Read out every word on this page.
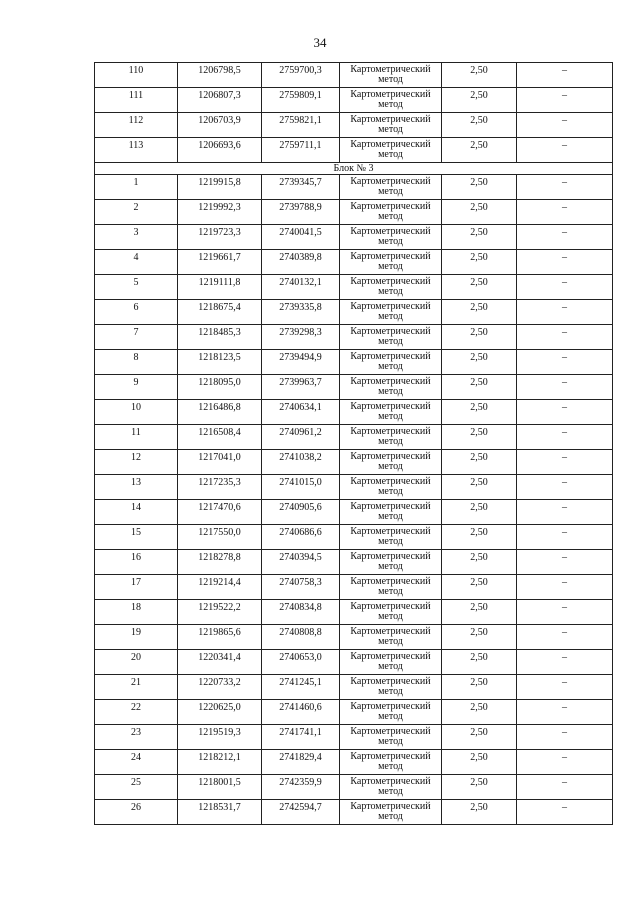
34
110	1206798,5	2759700,3	Картометрический метод	2,50	–

111	1206807,3	2759809,1	Картометрический метод	2,50	–

112	1206703,9	2759821,1	Картометрический метод	2,50	–

113	1206693,6	2759711,1	Картометрический метод	2,50	–

Блок № 3					

1	1219915,8	2739345,7	Картометрический метод	2,50	–

2	1219992,3	2739788,9	Картометрический метод	2,50	–

3	1219723,3	2740041,5	Картометрический метод	2,50	–

4	1219661,7	2740389,8	Картометрический метод	2,50	–

5	1219111,8	2740132,1	Картометрический метод	2,50	–

6	1218675,4	2739335,8	Картометрический метод	2,50	–

7	1218485,3	2739298,3	Картометрический метод	2,50	–

8	1218123,5	2739494,9	Картометрический метод	2,50	–

9	1218095,0	2739963,7	Картометрический метод	2,50	–

10	1216486,8	2740634,1	Картометрический метод	2,50	–

11	1216508,4	2740961,2	Картометрический метод	2,50	–

12	1217041,0	2741038,2	Картометрический метод	2,50	–

13	1217235,3	2741015,0	Картометрический метод	2,50	–

14	1217470,6	2740905,6	Картометрический метод	2,50	–

15	1217550,0	2740686,6	Картометрический метод	2,50	–

16	1218278,8	2740394,5	Картометрический метод	2,50	–

17	1219214,4	2740758,3	Картометрический метод	2,50	–

18	1219522,2	2740834,8	Картометрический метод	2,50	–

19	1219865,6	2740808,8	Картометрический метод	2,50	–

20	1220341,4	2740653,0	Картометрический метод	2,50	–

21	1220733,2	2741245,1	Картометрический метод	2,50	–

22	1220625,0	2741460,6	Картометрический метод	2,50	–

23	1219519,3	2741741,1	Картометрический метод	2,50	–

24	1218212,1	2741829,4	Картометрический метод	2,50	–

25	1218001,5	2742359,9	Картометрический метод	2,50	–

26	1218531,7	2742594,7	Картометрический метод	2,50	–
